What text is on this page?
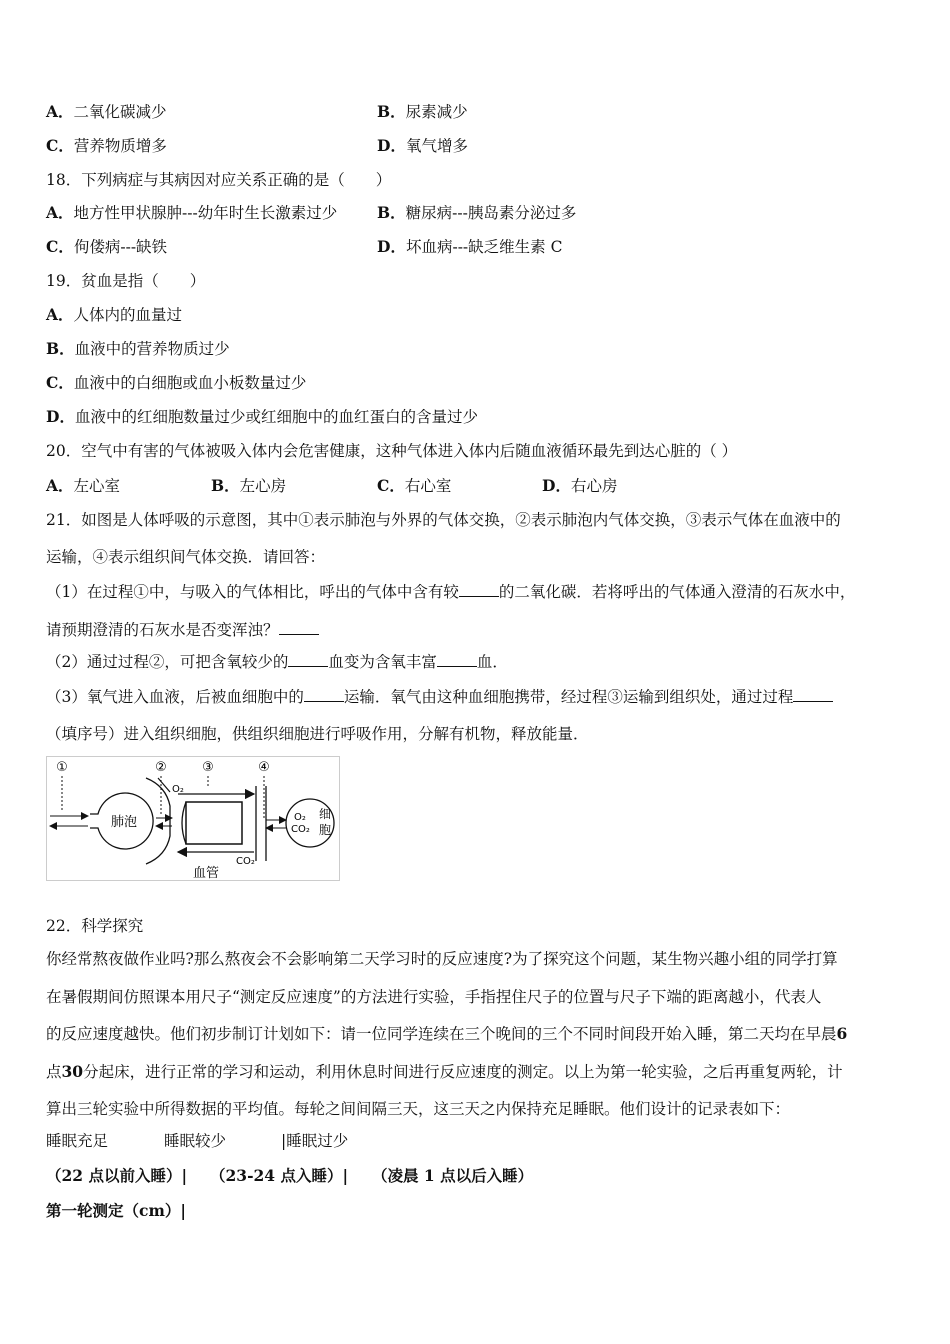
A．二氧化碳减少	B．尿素减少
C．营养物质增多	D．氧气增多
18．下列病症与其病因对应关系正确的是（　　）
A．地方性甲状腺肿---幼年时生长激素过少	B．糖尿病---胰岛素分泌过多
C．佝偻病---缺铁	D．坏血病---缺乏维生素 C
19．贫血是指（　　）
A．人体内的血量过
B．血液中的营养物质过少
C．血液中的白细胞或血小板数量过少
D．血液中的红细胞数量过少或红细胞中的血红蛋白的含量过少
20．空气中有害的气体被吸入体内会危害健康，这种气体进入体内后随血液循环最先到达心脏的（ ）
A．左心室	B．左心房	C．右心室	D．右心房
21．如图是人体呼吸的示意图，其中①表示肺泡与外界的气体交换，②表示肺泡内气体交换，③表示气体在血液中的
运输，④表示组织间气体交换．请回答：
（1）在过程①中，与吸入的气体相比，呼出的气体中含有较	的二氧化碳．若将呼出的气体通入澄清的石灰水中，
请预期澄清的石灰水是否变浑浊？
（2）通过过程②，可把含氧较少的	血变为含氧丰富	血．
（3）氧气进入血液，后被血细胞中的	运输．氧气由这种血细胞携带，经过程③运输到组织处，通过过程
（填序号）进入组织细胞，供组织细胞进行呼吸作用，分解有机物，释放能量．
①	②	③	④
肺泡
O₂
CO₂
O₂
CO₂
细
胞
血管
22．科学探究
你经常熬夜做作业吗?那么熬夜会不会影响第二天学习时的反应速度?为了探究这个问题，某生物兴趣小组的同学打算
在暑假期间仿照课本用尺子“测定反应速度”的方法进行实验，手指捏住尺子的位置与尺子下端的距离越小，代表人
的反应速度越快。他们初步制订计划如下：请一位同学连续在三个晚间的三个不同时间段开始入睡，第二天均在早晨6
点30分起床，进行正常的学习和运动，利用休息时间进行反应速度的测定。以上为第一轮实验，之后再重复两轮，计
算出三轮实验中所得数据的平均值。每轮之间间隔三天，这三天之内保持充足睡眠。他们设计的记录表如下：
睡眠充足	睡眠较少	|睡眠过少
（22 点以前入睡）| （23-24 点入睡）| （凌晨 1 点以后入睡）
第一轮测定（cm）|
